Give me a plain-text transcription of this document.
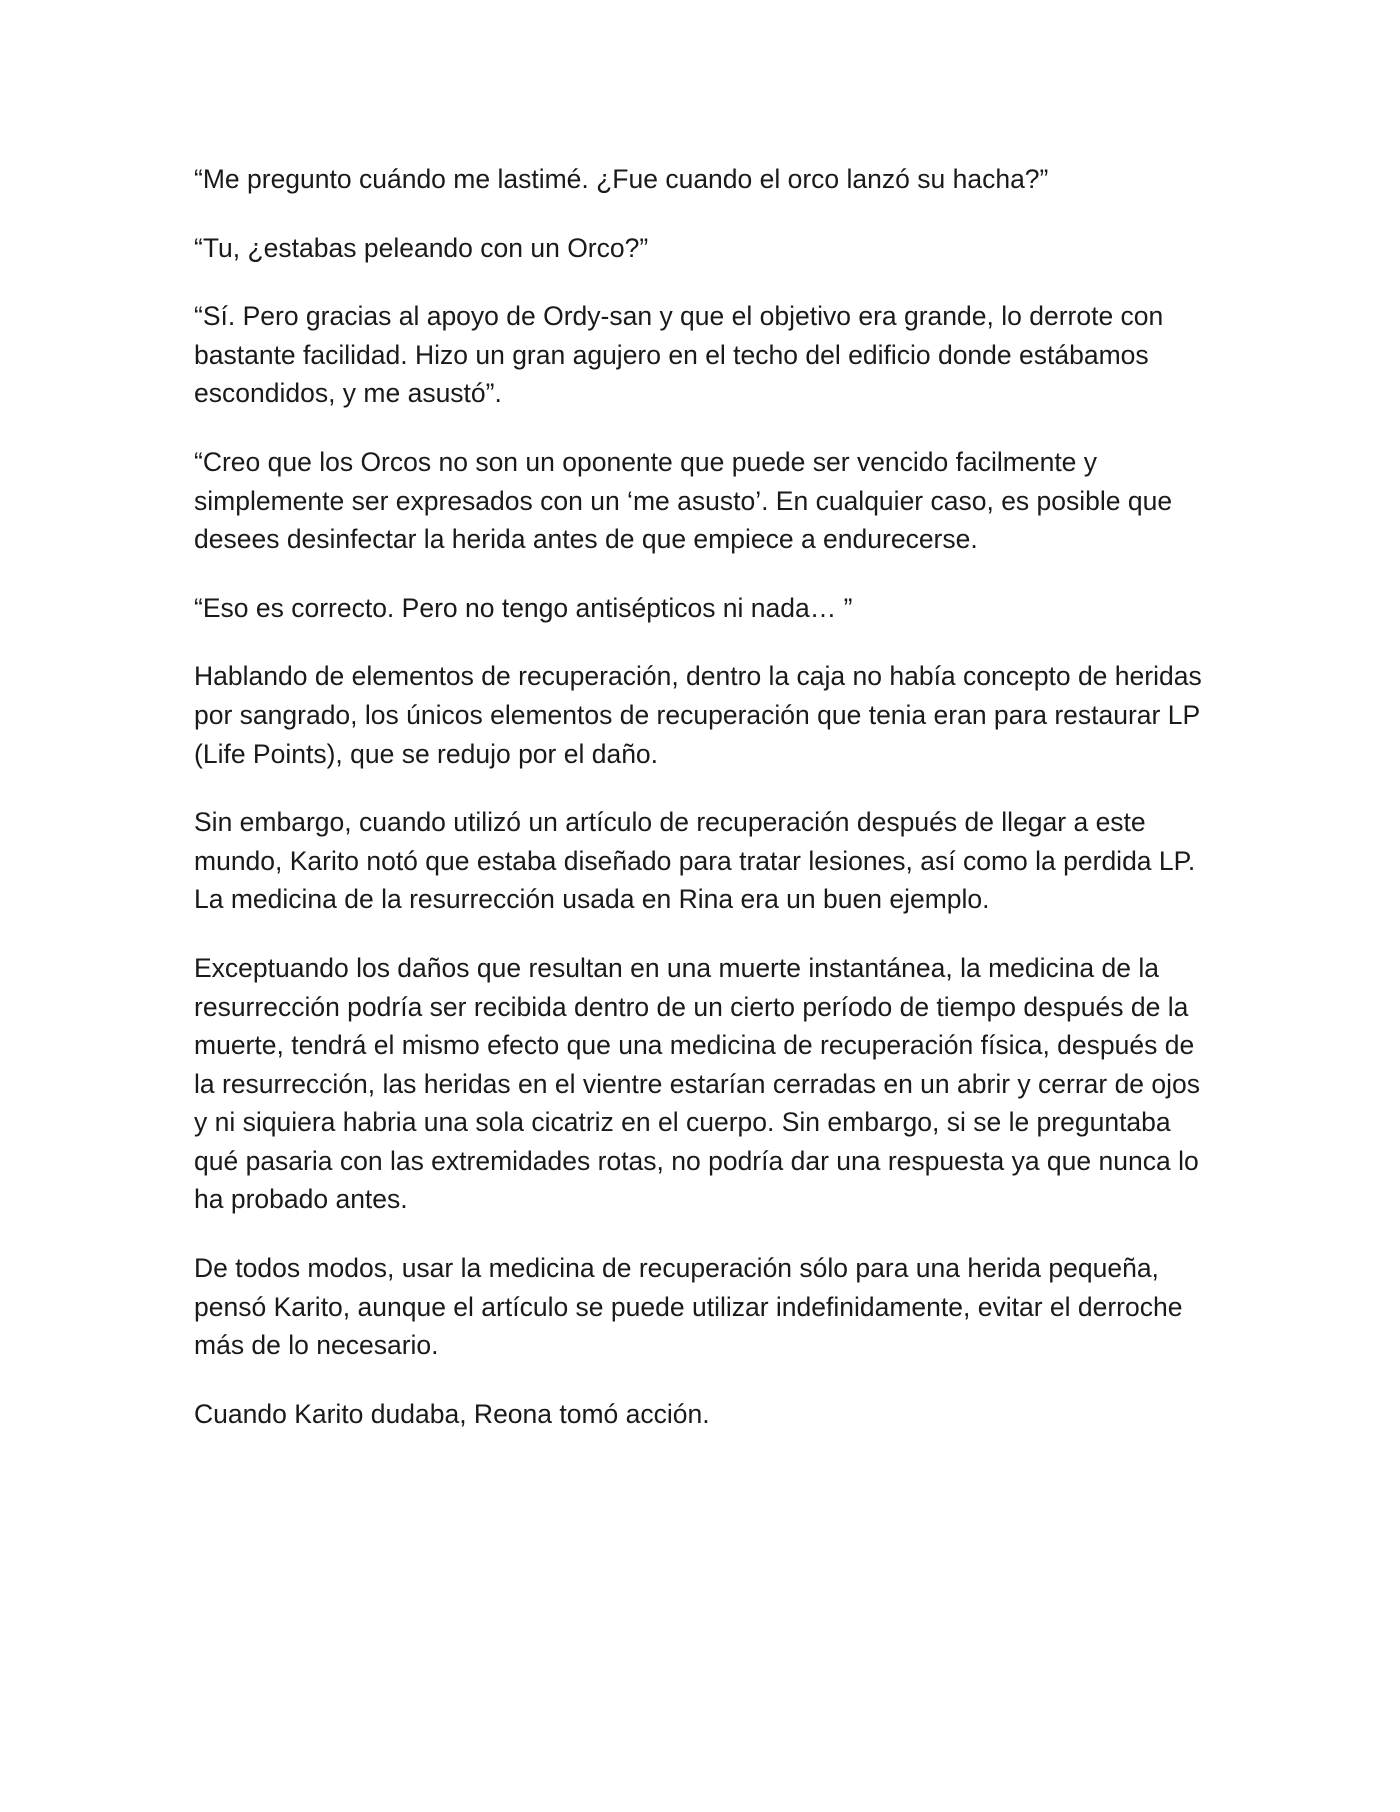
“Me pregunto cuándo me lastimé. ¿Fue cuando el orco lanzó su hacha?”

“Tu, ¿estabas peleando con un Orco?”

“Sí. Pero gracias al apoyo de Ordy-san y que el objetivo era grande, lo derrote con bastante facilidad. Hizo un gran agujero en el techo del edificio donde estábamos escondidos, y me asustó”.

“Creo que los Orcos no son un oponente que puede ser vencido facilmente y simplemente ser expresados con un ‘me asusto’. En cualquier caso, es posible que desees desinfectar la herida antes de que empiece a endurecerse.

“Eso es correcto. Pero no tengo antisépticos ni nada… ”

Hablando de elementos de recuperación, dentro la caja no había concepto de heridas por sangrado, los únicos elementos de recuperación que tenia eran para restaurar LP (Life Points), que se redujo por el daño.

Sin embargo, cuando utilizó un artículo de recuperación después de llegar a este mundo, Karito notó que estaba diseñado para tratar lesiones, así como la perdida LP. La medicina de la resurrección usada en Rina era un buen ejemplo.

Exceptuando los daños que resultan en una muerte instantánea, la medicina de la resurrección podría ser recibida dentro de un cierto período de tiempo después de la muerte, tendrá el mismo efecto que una medicina de recuperación física, después de la resurrección, las heridas en el vientre estarían cerradas en un abrir y cerrar de ojos y ni siquiera habria una sola cicatriz en el cuerpo. Sin embargo, si se le preguntaba qué pasaria con las extremidades rotas, no podría dar una respuesta ya que nunca lo ha probado antes.

De todos modos, usar la medicina de recuperación sólo para una herida pequeña, pensó Karito, aunque el artículo se puede utilizar indefinidamente, evitar el derroche más de lo necesario.

Cuando Karito dudaba, Reona tomó acción.
